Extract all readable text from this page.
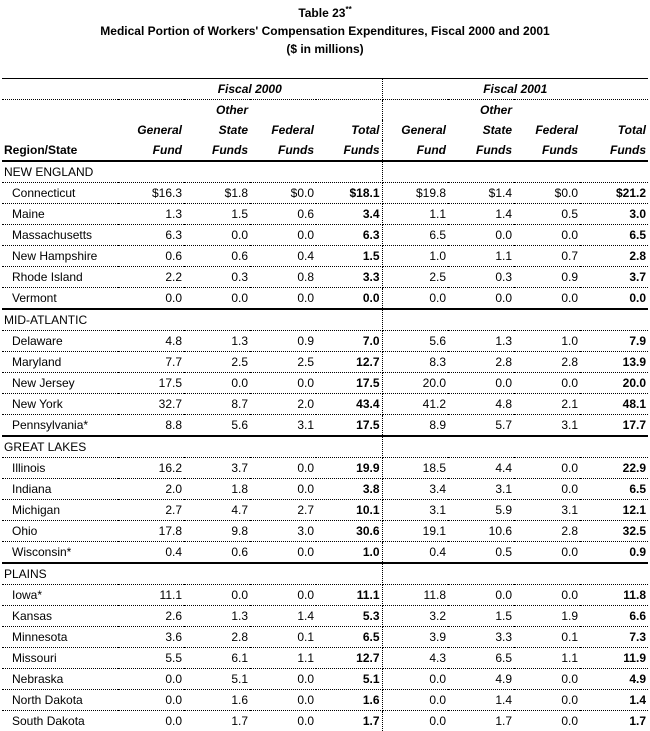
Table 23**
Medical Portion of Workers' Compensation Expenditures, Fiscal 2000 and 2001
($ in millions)
	Fiscal 2000				Fiscal 2001			
		Other				Other		
	General	State	Federal	Total	General	State	Federal	Total
Region/State	Fund	Funds	Funds	Funds	Fund	Funds	Funds	Funds
NEW ENGLAND								
Connecticut	$16.3	$1.8	$0.0	$18.1	$19.8	$1.4	$0.0	$21.2
Maine	1.3	1.5	0.6	3.4	1.1	1.4	0.5	3.0
Massachusetts	6.3	0.0	0.0	6.3	6.5	0.0	0.0	6.5
New Hampshire	0.6	0.6	0.4	1.5	1.0	1.1	0.7	2.8
Rhode Island	2.2	0.3	0.8	3.3	2.5	0.3	0.9	3.7
Vermont	0.0	0.0	0.0	0.0	0.0	0.0	0.0	0.0
MID-ATLANTIC								
Delaware	4.8	1.3	0.9	7.0	5.6	1.3	1.0	7.9
Maryland	7.7	2.5	2.5	12.7	8.3	2.8	2.8	13.9
New Jersey	17.5	0.0	0.0	17.5	20.0	0.0	0.0	20.0
New York	32.7	8.7	2.0	43.4	41.2	4.8	2.1	48.1
Pennsylvania*	8.8	5.6	3.1	17.5	8.9	5.7	3.1	17.7
GREAT LAKES								
Illinois	16.2	3.7	0.0	19.9	18.5	4.4	0.0	22.9
Indiana	2.0	1.8	0.0	3.8	3.4	3.1	0.0	6.5
Michigan	2.7	4.7	2.7	10.1	3.1	5.9	3.1	12.1
Ohio	17.8	9.8	3.0	30.6	19.1	10.6	2.8	32.5
Wisconsin*	0.4	0.6	0.0	1.0	0.4	0.5	0.0	0.9
PLAINS								
Iowa*	11.1	0.0	0.0	11.1	11.8	0.0	0.0	11.8
Kansas	2.6	1.3	1.4	5.3	3.2	1.5	1.9	6.6
Minnesota	3.6	2.8	0.1	6.5	3.9	3.3	0.1	7.3
Missouri	5.5	6.1	1.1	12.7	4.3	6.5	1.1	11.9
Nebraska	0.0	5.1	0.0	5.1	0.0	4.9	0.0	4.9
North Dakota	0.0	1.6	0.0	1.6	0.0	1.4	0.0	1.4
South Dakota	0.0	1.7	0.0	1.7	0.0	1.7	0.0	1.7
